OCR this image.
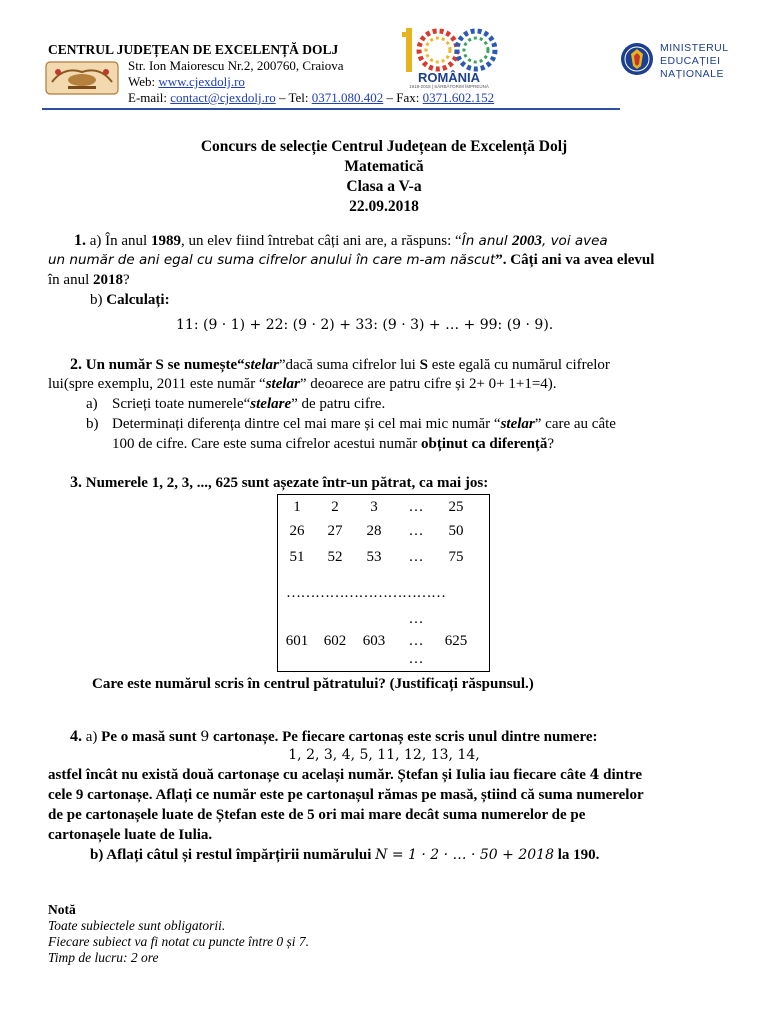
CENTRUL JUDEȚEAN DE EXCELENȚĂ DOLJ
Str. Ion Maiorescu Nr.2, 200760, Craiova
Web: www.cjexdolj.ro
E-mail: contact@cjexdolj.ro – Tel: 0371.080.402 – Fax: 0371.602.152
ROMÂNIA
1918-2018 | SĂRBĂTORIM ÎMPREUNĂ
MINISTERUL
EDUCAȚIEI
NAȚIONALE
Concurs de selecție Centrul Județean de Excelență Dolj
Matematică
Clasa a V-a
22.09.2018
1. a) În anul 1989, un elev fiind întrebat câți ani are, a răspuns: “În anul 2003, voi avea
un număr de ani egal cu suma cifrelor anului în care m-am născut”. Câți ani va avea elevul
în anul 2018?
b) Calculați:
11: (9 · 1) + 22: (9 · 2) + 33: (9 · 3) + … + 99: (9 · 9).
2. Un număr S se numește“stelar”dacă suma cifrelor lui S este egală cu numărul cifrelor
lui(spre exemplu, 2011 este număr “stelar” deoarece are patru cifre și 2+ 0+ 1+1=4).
a) Scrieți toate numerele“stelare” de patru cifre.
b) Determinați diferența dintre cel mai mare și cel mai mic număr “stelar” care au câte
100 de cifre. Care este suma cifrelor acestui număr obținut ca diferență?
3. Numerele 1, 2, 3, ..., 625 sunt așezate într-un pătrat, ca mai jos:
1	2	3	…	25
26	27	28	…	50
51	52	53	…	75
……………………………
…
601	602	603	…	625
…
Care este numărul scris în centrul pătratului? (Justificați răspunsul.)
4. a) Pe o masă sunt 9 cartonașe. Pe fiecare cartonaș este scris unul dintre numere:
1, 2, 3, 4, 5, 11, 12, 13, 14,
astfel încât nu există două cartonașe cu același număr. Ștefan și Iulia iau fiecare câte 4 dintre
cele 9 cartonașe. Aflați ce număr este pe cartonașul rămas pe masă, știind că suma numerelor
de pe cartonașele luate de Ștefan este de 5 ori mai mare decât suma numerelor de pe
cartonașele luate de Iulia.
b) Aflați câtul și restul împărțirii numărului N = 1 · 2 · … · 50 + 2018 la 190.
Notă
Toate subiectele sunt obligatorii.
Fiecare subiect va fi notat cu puncte între 0 și 7.
Timp de lucru: 2 ore
